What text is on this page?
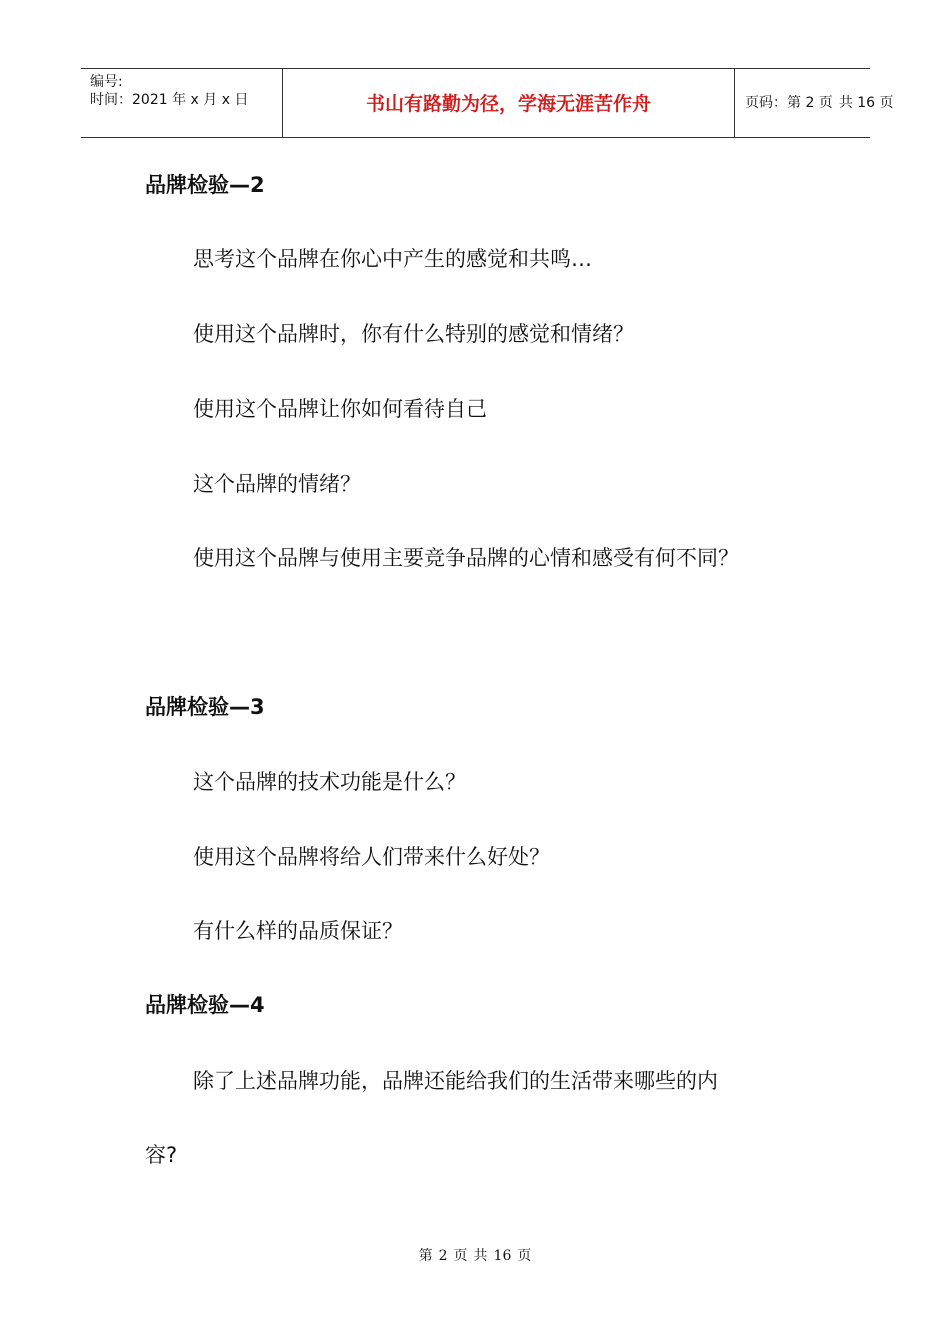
编号:
时间：2021 年 x 月 x 日	书山有路勤为径，学海无涯苦作舟	页码：第 2 页 共 16 页
品牌检验—2
思考这个品牌在你心中产生的感觉和共鸣…
使用这个品牌时，你有什么特别的感觉和情绪？
使用这个品牌让你如何看待自己
这个品牌的情绪？
使用这个品牌与使用主要竞争品牌的心情和感受有何不同？
品牌检验—3
这个品牌的技术功能是什么？
使用这个品牌将给人们带来什么好处？
有什么样的品质保证？
品牌检验—4
除了上述品牌功能，品牌还能给我们的生活带来哪些的内
容?
第 2 页 共 16 页
